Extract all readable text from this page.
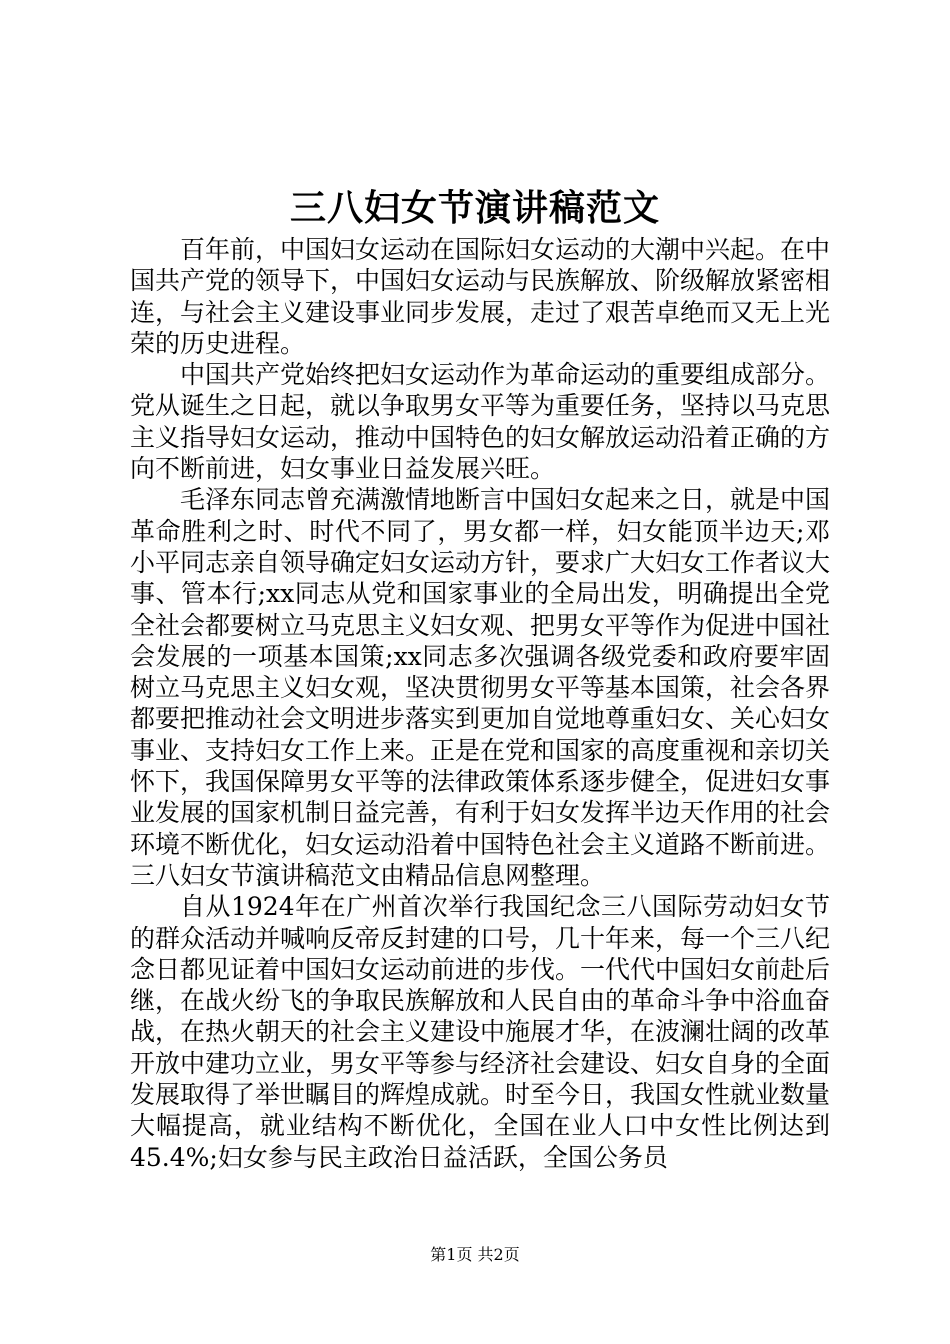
三八妇女节演讲稿范文

百年前，中国妇女运动在国际妇女运动的大潮中兴起。在中国共产党的领导下，中国妇女运动与民族解放、阶级解放紧密相连，与社会主义建设事业同步发展，走过了艰苦卓绝而又无上光荣的历史进程。

中国共产党始终把妇女运动作为革命运动的重要组成部分。党从诞生之日起，就以争取男女平等为重要任务，坚持以马克思主义指导妇女运动，推动中国特色的妇女解放运动沿着正确的方向不断前进，妇女事业日益发展兴旺。

毛泽东同志曾充满激情地断言中国妇女起来之日，就是中国革命胜利之时、时代不同了，男女都一样，妇女能顶半边天;邓小平同志亲自领导确定妇女运动方针，要求广大妇女工作者议大事、管本行;xx同志从党和国家事业的全局出发，明确提出全党全社会都要树立马克思主义妇女观、把男女平等作为促进中国社会发展的一项基本国策;xx同志多次强调各级党委和政府要牢固树立马克思主义妇女观，坚决贯彻男女平等基本国策，社会各界都要把推动社会文明进步落实到更加自觉地尊重妇女、关心妇女事业、支持妇女工作上来。正是在党和国家的高度重视和亲切关怀下，我国保障男女平等的法律政策体系逐步健全，促进妇女事业发展的国家机制日益完善，有利于妇女发挥半边天作用的社会环境不断优化，妇女运动沿着中国特色社会主义道路不断前进。三八妇女节演讲稿范文由精品信息网整理。

自从1924年在广州首次举行我国纪念三八国际劳动妇女节的群众活动并喊响反帝反封建的口号，几十年来，每一个三八纪念日都见证着中国妇女运动前进的步伐。一代代中国妇女前赴后继，在战火纷飞的争取民族解放和人民自由的革命斗争中浴血奋战，在热火朝天的社会主义建设中施展才华，在波澜壮阔的改革开放中建功立业，男女平等参与经济社会建设、妇女自身的全面发展取得了举世瞩目的辉煌成就。时至今日，我国女性就业数量大幅提高，就业结构不断优化，全国在业人口中女性比例达到45.4%;妇女参与民主政治日益活跃，全国公务员

第1页 共2页
